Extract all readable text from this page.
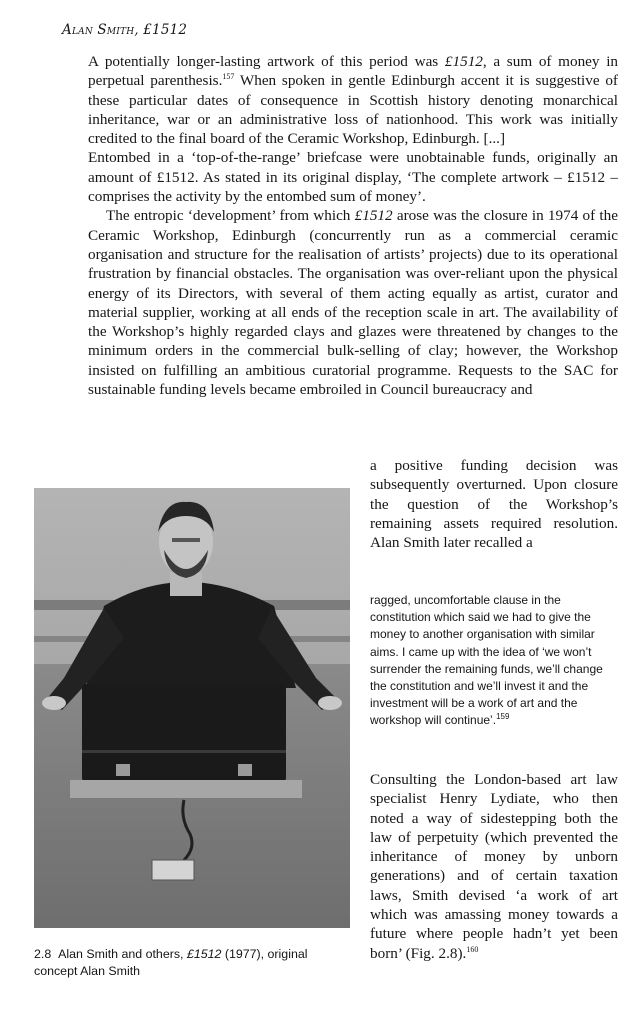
Alan Smith, £1512

A potentially longer-lasting artwork of this period was £1512, a sum of money in perpetual parenthesis.$^{157}$ When spoken in gentle Edinburgh accent it is suggestive of these particular dates of consequence in Scottish history denoting monarchical inheritance, war or an administrative loss of nationhood. This work was initially credited to the final board of the Ceramic Workshop, Edinburgh. [...]

Entombed in a ‘top-of-the-range’ briefcase were unobtainable funds, originally an amount of £1512. As stated in its original display, ‘The complete artwork – £1512 – comprises the activity by the entombed sum of money’.

The entropic ‘development’ from which £1512 arose was the closure in 1974 of the Ceramic Workshop, Edinburgh (concurrently run as a commercial ceramic organisation and structure for the realisation of artists’ projects) due to its operational frustration by financial obstacles. The organisation was over-reliant upon the physical energy of its Directors, with several of them acting equally as artist, curator and material supplier, working at all ends of the reception scale in art. The availability of the Workshop’s highly regarded clays and glazes were threatened by changes to the minimum orders in the commercial bulk-selling of clay; however, the Workshop insisted on fulfilling an ambitious curatorial programme. Requests to the SAC for sustainable funding levels became embroiled in Council bureaucracy and

a positive funding decision was subsequently overturned. Upon closure the question of the Workshop’s remaining assets required resolution. Alan Smith later recalled a

ragged, uncomfortable clause in the constitution which said we had to give the money to another organisation with similar aims. I came up with the idea of ‘we won’t surrender the remaining funds, we’ll change the constitution and we’ll invest it and the investment will be a work of art and the workshop will continue’.$^{159}$

Consulting the London-based art law specialist Henry Lydiate, who then noted a way of sidestepping both the law of perpetuity (which prevented the inheritance of money by unborn generations) and of certain taxation laws, Smith devised ‘a work of art which was amassing money towards a future where people hadn’t yet been born’ (Fig. 2.8).$^{160}$

2.8 Alan Smith and others, £1512 (1977), original concept Alan Smith
